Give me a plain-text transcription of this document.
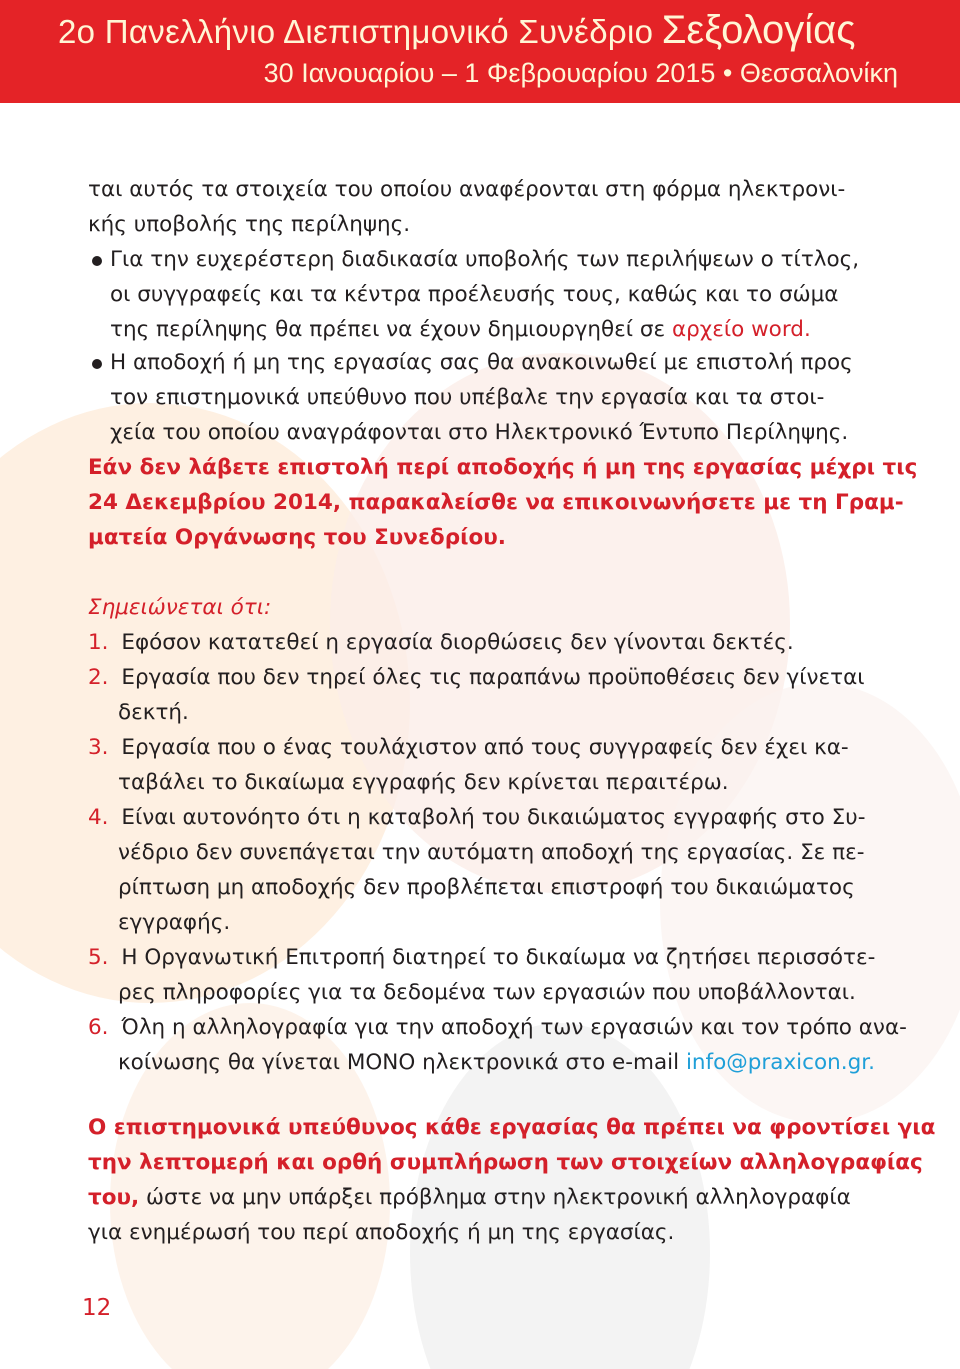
2ο Πανελλήνιο Διεπιστημονικό Συνέδριο Σεξολογίας
30 Ιανουαρίου – 1 Φεβρουαρίου 2015 • Θεσσαλονίκη
ται αυτός τα στοιχεία του οποίου αναφέρονται στη φόρμα ηλεκτρονι-
κής υποβολής της περίληψης.
Για την ευχερέστερη διαδικασία υποβολής των περιλήψεων ο τίτλος,
οι συγγραφείς και τα κέντρα προέλευσής τους, καθώς και το σώμα
της περίληψης θα πρέπει να έχουν δημιουργηθεί σε αρχείο word.
Η αποδοχή ή μη της εργασίας σας θα ανακοινωθεί με επιστολή προς
τον επιστημονικά υπεύθυνο που υπέβαλε την εργασία και τα στοι-
χεία του οποίου αναγράφονται στο Ηλεκτρονικό Έντυπο Περίληψης.
Εάν δεν λάβετε επιστολή περί αποδοχής ή μη της εργασίας μέχρι τις
24 Δεκεμβρίου 2014, παρακαλείσθε να επικοινωνήσετε με τη Γραμ-
ματεία Οργάνωσης του Συνεδρίου.
Σημειώνεται ότι:
1. Εφόσον κατατεθεί η εργασία διορθώσεις δεν γίνονται δεκτές.
2. Εργασία που δεν τηρεί όλες τις παραπάνω προϋποθέσεις δεν γίνεται
δεκτή.
3. Εργασία που ο ένας τουλάχιστον από τους συγγραφείς δεν έχει κα-
ταβάλει το δικαίωμα εγγραφής δεν κρίνεται περαιτέρω.
4. Είναι αυτονόητο ότι η καταβολή του δικαιώματος εγγραφής στο Συ-
νέδριο δεν συνεπάγεται την αυτόματη αποδοχή της εργασίας. Σε πε-
ρίπτωση μη αποδοχής δεν προβλέπεται επιστροφή του δικαιώματος
εγγραφής.
5. Η Οργανωτική Επιτροπή διατηρεί το δικαίωμα να ζητήσει περισσότε-
ρες πληροφορίες για τα δεδομένα των εργασιών που υποβάλλονται.
6. Όλη η αλληλογραφία για την αποδοχή των εργασιών και τον τρόπο ανα-
κοίνωσης θα γίνεται ΜΟΝΟ ηλεκτρονικά στο e-mail info@praxicon.gr.
Ο επιστημονικά υπεύθυνος κάθε εργασίας θα πρέπει να φροντίσει για
την λεπτομερή και ορθή συμπλήρωση των στοιχείων αλληλογραφίας
του, ώστε να μην υπάρξει πρόβλημα στην ηλεκτρονική αλληλογραφία
για ενημέρωσή του περί αποδοχής ή μη της εργασίας.
12
